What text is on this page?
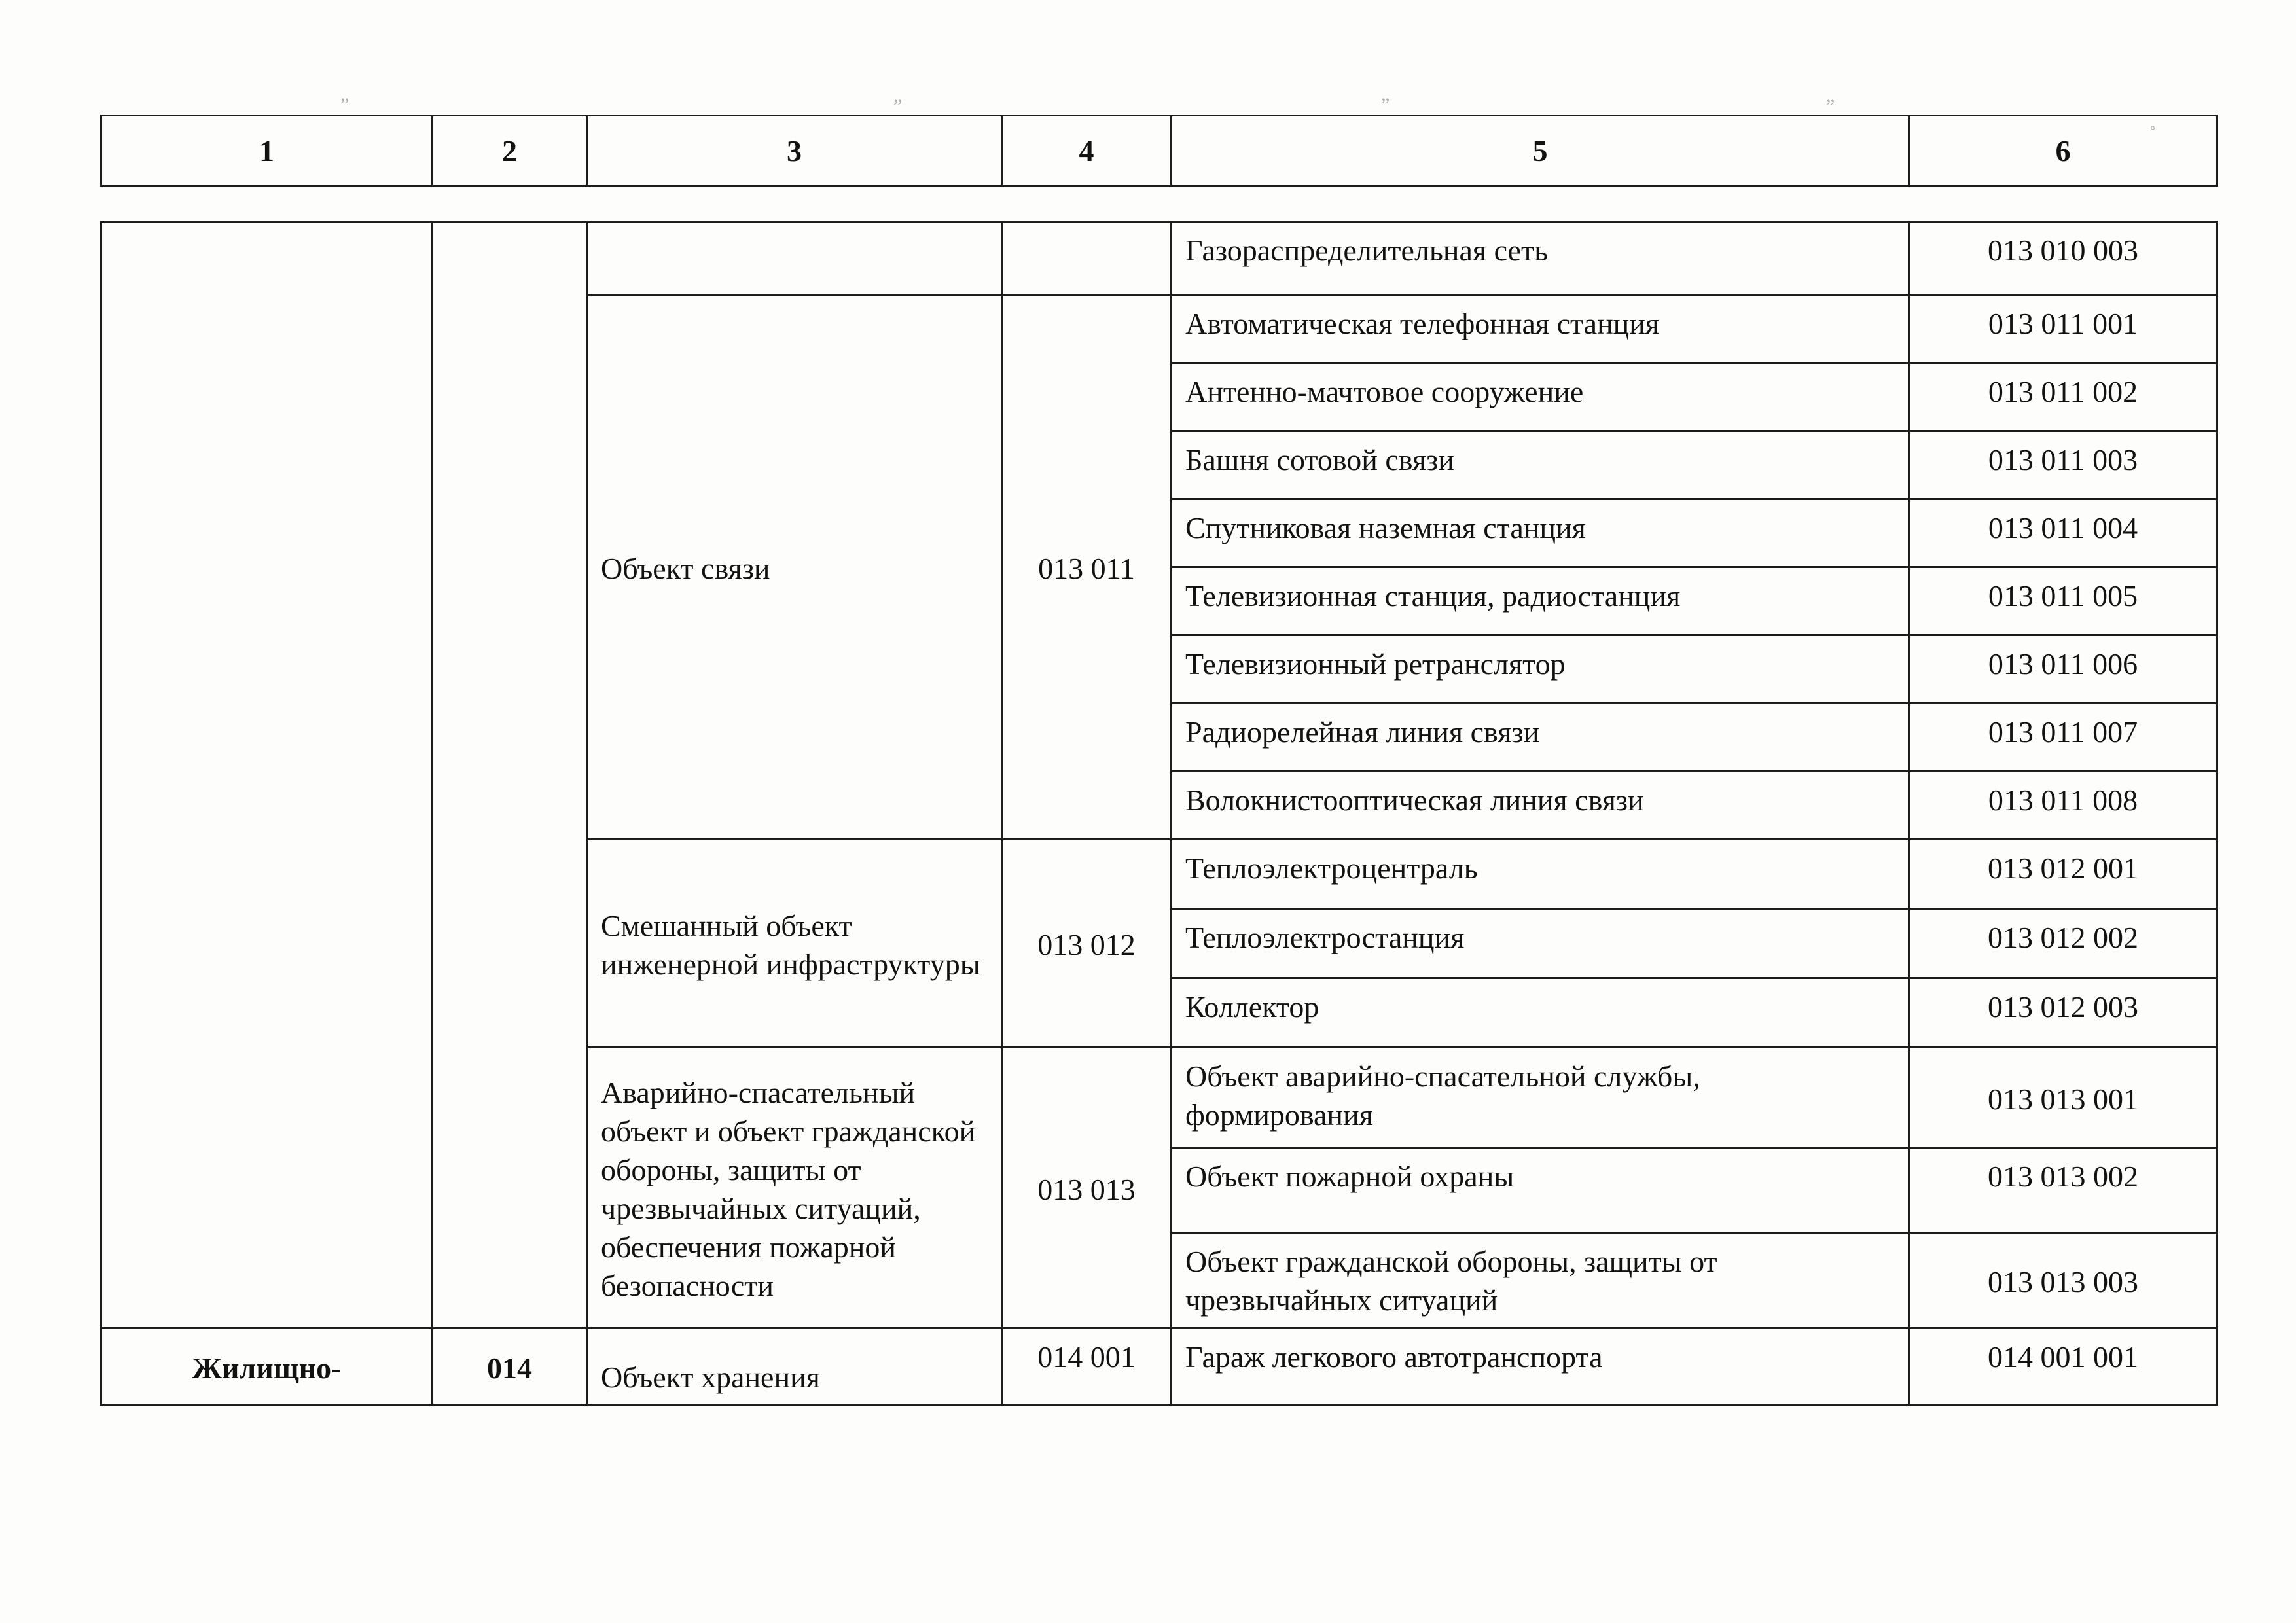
”	”	”	”
˚
1	2	3	4	5	6
				Газораспределительная сеть	013 010 003
		Объект связи	013 011	Автоматическая телефонная станция	013 011 001
				Антенно-мачтовое сооружение	013 011 002
				Башня сотовой связи	013 011 003
				Спутниковая наземная станция	013 011 004
				Телевизионная станция, радиостанция	013 011 005
				Телевизионный ретранслятор	013 011 006
				Радиорелейная линия связи	013 011 007
				Волокнистооптическая линия связи	013 011 008
		Смешанный объект инженерной инфраструктуры	013 012	Теплоэлектроцентраль	013 012 001
				Теплоэлектростанция	013 012 002
				Коллектор	013 012 003
		Аварийно-спасательный объект и объект гражданской обороны, защиты от чрезвычайных ситуаций, обеспечения пожарной безопасности	013 013	Объект аварийно-спасательной службы, формирования	013 013 001
				Объект пожарной охраны	013 013 002
				Объект гражданской обороны, защиты от чрезвычайных ситуаций	013 013 003
Жилищно-	014	Объект хранения	014 001	Гараж легкового автотранспорта	014 001 001
